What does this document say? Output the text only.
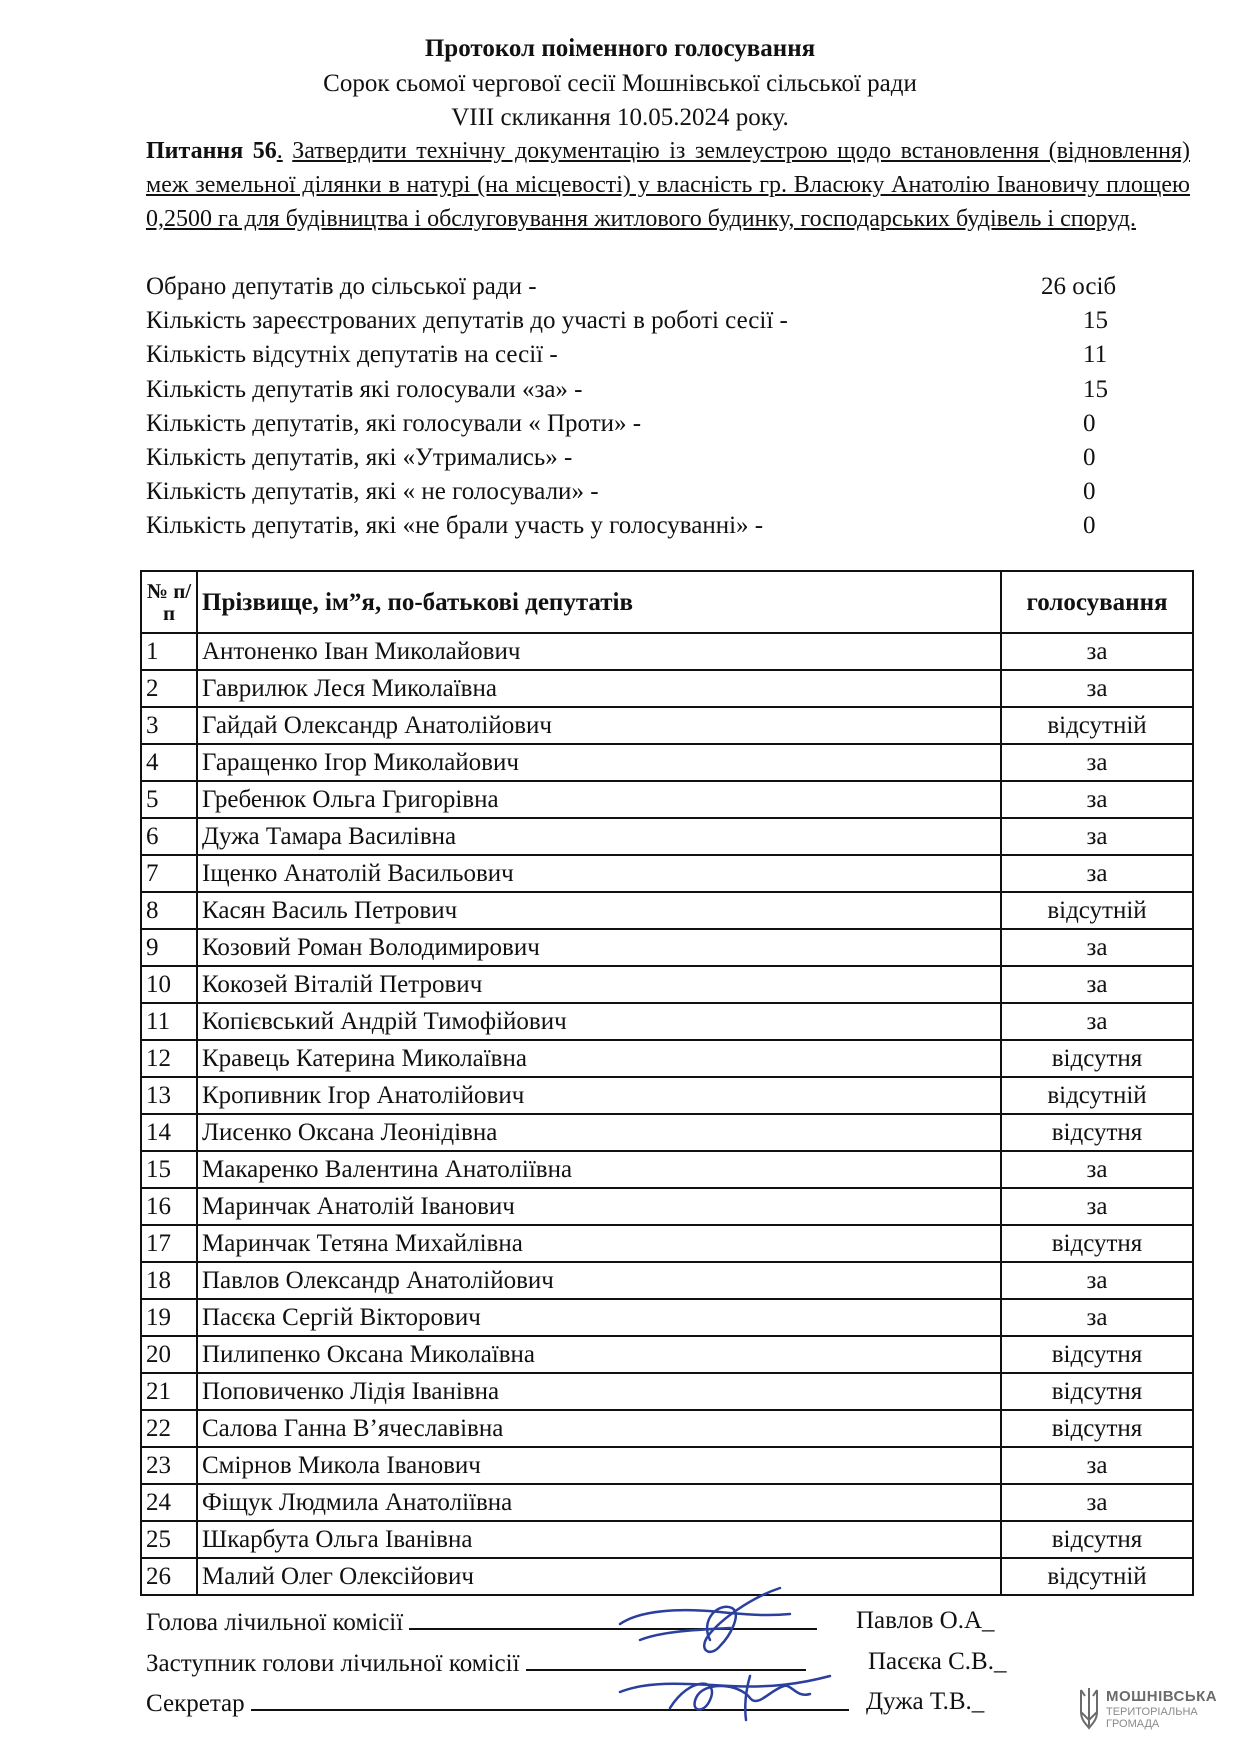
Протокол поіменного голосування
Сорок сьомої чергової сесії Мошнівської сільської ради
VIII скликання 10.05.2024 року.
Питання 56. Затвердити технічну документацію із землеустрою щодо встановлення (відновлення) меж земельної ділянки в натурі (на місцевості) у власність гр. Власюку Анатолію Івановичу площею 0,2500 га для будівництва і обслуговування житлового будинку, господарських будівель і споруд.
Обрано депутатів до сільської ради -	26 осіб
Кількість зареєстрованих депутатів до участі в роботі сесії -	15
Кількість відсутніх депутатів на сесії -	11
Кількість депутатів які голосували «за» -	15
Кількість депутатів, які голосували « Проти» -	0
Кількість депутатів, які «Утримались» -	0
Кількість депутатів, які « не голосували» -	0
Кількість депутатів, які «не брали участь у голосуванні» -	0
№ п/п	Прізвище, ім”я, по-батькові депутатів	голосування
1	Антоненко Іван Миколайович	за
2	Гаврилюк Леся Миколаївна	за
3	Гайдай Олександр Анатолійович	відсутній
4	Гаращенко Ігор Миколайович	за
5	Гребенюк Ольга Григорівна	за
6	Дужа Тамара Василівна	за
7	Іщенко Анатолій Васильович	за
8	Касян Василь Петрович	відсутній
9	Козовий Роман Володимирович	за
10	Кокозей Віталій Петрович	за
11	Копієвський Андрій Тимофійович	за
12	Кравець Катерина Миколаївна	відсутня
13	Кропивник Ігор Анатолійович	відсутній
14	Лисенко Оксана Леонідівна	відсутня
15	Макаренко Валентина Анатоліївна	за
16	Маринчак Анатолій Іванович	за
17	Маринчак Тетяна Михайлівна	відсутня
18	Павлов Олександр Анатолійович	за
19	Пасєка Сергій Вікторович	за
20	Пилипенко Оксана Миколаївна	відсутня
21	Поповиченко Лідія Іванівна	відсутня
22	Салова Ганна В’ячеславівна	відсутня
23	Смірнов Микола Іванович	за
24	Фіщук Людмила Анатоліївна	за
25	Шкарбута Ольга Іванівна	відсутня
26	Малий Олег Олексійович	відсутній
Голова лічильної комісії	Павлов О.А_
Заступник голови лічильної комісії	Пасєка С.В._
Секретар	Дужа Т.В._	МОШНІВСЬКА
ТЕРИТОРІАЛЬНА
ГРОМАДА
